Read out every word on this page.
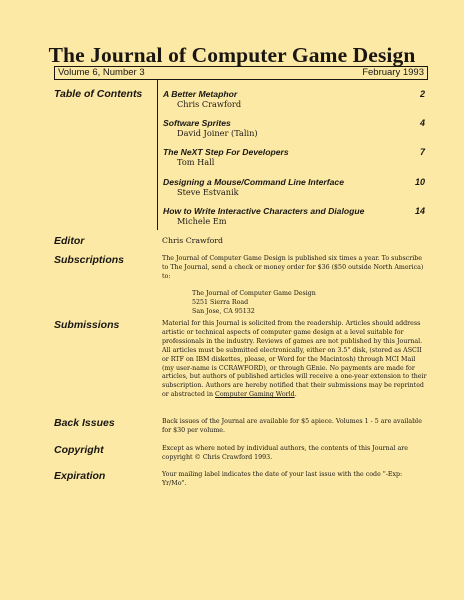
The Journal of Computer Game Design
Volume 6, Number 3	February 1993
Table of Contents
Editor
Subscriptions
Submissions
Back Issues
Copyright
Expiration
A Better Metaphor
Chris Crawford
2
Software Sprites
David Joiner (Talin)
4
The NeXT Step For Developers
Tom Hall
7
Designing a Mouse/Command Line Interface
Steve Estvanik
10
How to Write Interactive Characters and Dialogue
Michele Em
14
Chris Crawford

The Journal of Computer Game Design is published six times a year. To subscribe to The Journal, send a check or money order for $36 ($50 outside North America) to:

The Journal of Computer Game Design
5251 Sierra Road
San Jose, CA 95132

Material for this Journal is solicited from the readership. Articles should address artistic or technical aspects of computer game design at a level suitable for professionals in the industry. Reviews of games are not published by this Journal. All articles must be submitted electronically, either on 3.5" disk, (stored as ASCII or RTF on IBM diskettes, please, or Word for the Macintosh) through MCI Mail (my user-name is CCRAWFORD), or through GEnie. No payments are made for articles, but authors of published articles will receive a one-year extension to their subscription. Authors are hereby notified that their submissions may be reprinted or abstracted in Computer Gaming World.

Back issues of the Journal are available for $5 apiece. Volumes 1 - 5 are available for $30 per volume.
Except as where noted by individual authors, the contents of this Journal are copyright © Chris Crawford 1993.
Your mailing label indicates the date of your last issue with the code "-Exp: Yr/Mo".
